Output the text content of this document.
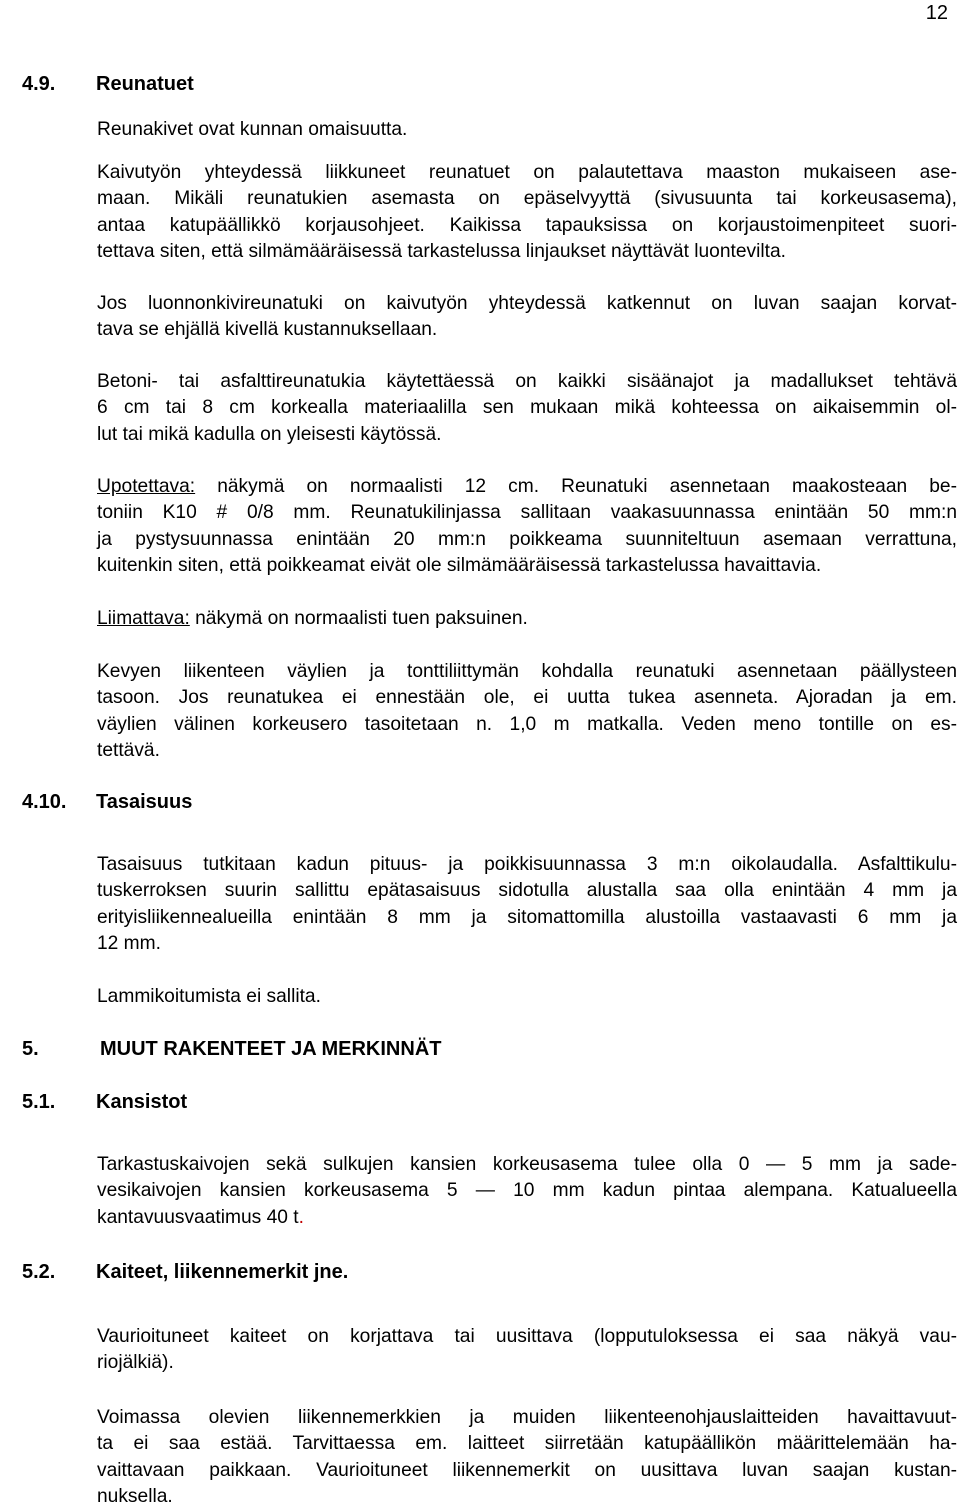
12
4.9. Reunatuet
Reunakivet ovat kunnan omaisuutta.
Kaivutyön yhteydessä liikkuneet reunatuet on palautettava maaston mukaiseen ase-
maan. Mikäli reunatukien asemasta on epäselvyyttä (sivusuunta tai korkeusasema),
antaa katupäällikkö korjausohjeet. Kaikissa tapauksissa on korjaustoimenpiteet suori-
tettava siten, että silmämääräisessä tarkastelussa linjaukset näyttävät luontevilta.
Jos luonnonkivireunatuki on kaivutyön yhteydessä katkennut on luvan saajan korvat-
tava se ehjällä kivellä kustannuksellaan.
Betoni- tai asfalttireunatukia käytettäessä on kaikki sisäänajot ja madallukset tehtävä
6 cm tai 8 cm korkealla materiaalilla sen mukaan mikä kohteessa on aikaisemmin ol-
lut tai mikä kadulla on yleisesti käytössä.
Upotettava: näkymä on normaalisti 12 cm. Reunatuki asennetaan maakosteaan be-
toniin K10 # 0/8 mm. Reunatukilinjassa sallitaan vaakasuunnassa enintään 50 mm:n
ja pystysuunnassa enintään 20 mm:n poikkeama suunniteltuun asemaan verrattuna,
kuitenkin siten, että poikkeamat eivät ole silmämääräisessä tarkastelussa havaittavia.
Liimattava: näkymä on normaalisti tuen paksuinen.
Kevyen liikenteen väylien ja tonttiliittymän kohdalla reunatuki asennetaan päällysteen
tasoon. Jos reunatukea ei ennestään ole, ei uutta tukea asenneta. Ajoradan ja em.
väylien välinen korkeusero tasoitetaan n. 1,0 m matkalla. Veden meno tontille on es-
tettävä.
4.10. Tasaisuus
Tasaisuus tutkitaan kadun pituus- ja poikkisuunnassa 3 m:n oikolaudalla. Asfalttikulu-
tuskerroksen suurin sallittu epätasaisuus sidotulla alustalla saa olla enintään 4 mm ja
erityisliikennealueilla enintään 8 mm ja sitomattomilla alustoilla vastaavasti 6 mm ja
12 mm.
Lammikoitumista ei sallita.
5.	MUUT RAKENTEET JA MERKINNÄT
5.1. Kansistot
Tarkastuskaivojen sekä sulkujen kansien korkeusasema tulee olla 0 — 5 mm ja sade-
vesikaivojen kansien korkeusasema 5 — 10 mm kadun pintaa alempana. Katualueella
kantavuusvaatimus 40 t.
5.2. Kaiteet, liikennemerkit jne.
Vaurioituneet kaiteet on korjattava tai uusittava (lopputuloksessa ei saa näkyä vau-
riojälkiä).
Voimassa olevien liikennemerkkien ja muiden liikenteenohjauslaitteiden havaittavuut-
ta ei saa estää. Tarvittaessa em. laitteet siirretään katupäällikön määrittelemään ha-
vaittavaan paikkaan. Vaurioituneet liikennemerkit on uusittava luvan saajan kustan-
nuksella.
